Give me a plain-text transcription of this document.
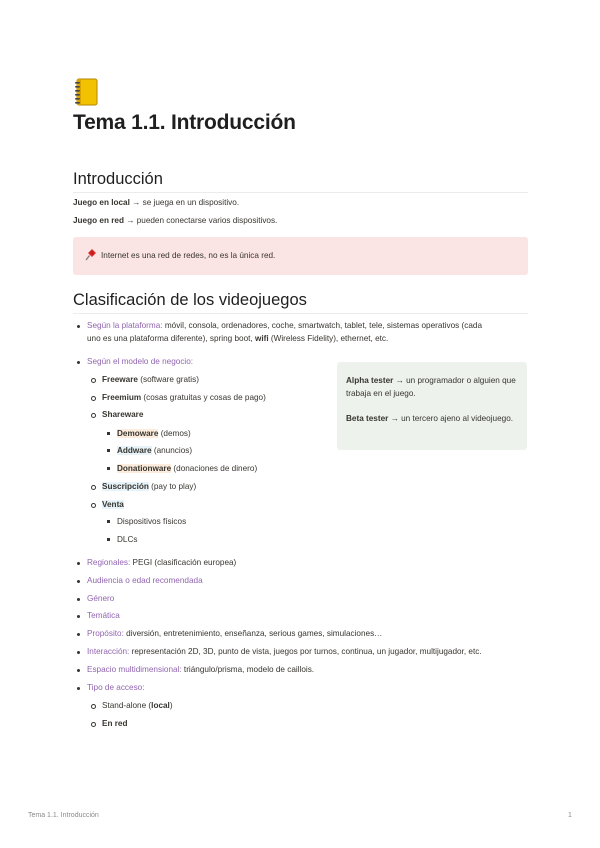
Tema 1.1. Introducción
Introducción
Juego en local → se juega en un dispositivo.
Juego en red → pueden conectarse varios dispositivos.
Internet es una red de redes, no es la única red.
Clasificación de los videojuegos
Según la plataforma: móvil, consola, ordenadores, coche, smartwatch, tablet, tele, sistemas operativos (cada
uno es una plataforma diferente), spring boot, wifi (Wireless Fidelity), ethernet, etc.
Según el modelo de negocio:
Freeware (software gratis)
Freemium (cosas gratuitas y cosas de pago)
Shareware
Demoware (demos)
Addware (anuncios)
Donationware (donaciones de dinero)
Suscripción (pay to play)
Venta
Dispositivos físicos
DLCs
Alpha tester → un programador o alguien que trabaja en el juego.
Beta tester → un tercero ajeno al videojuego.
Regionales: PEGI (clasificación europea)
Audiencia o edad recomendada
Género
Temática
Propósito: diversión, entretenimiento, enseñanza, serious games, simulaciones…
Interacción: representación 2D, 3D, punto de vista, juegos por turnos, continua, un jugador, multijugador, etc.
Espacio multidimensional: triángulo/prisma, modelo de caillois.
Tipo de acceso:
Stand-alone (local)
En red
Tema 1.1. Introducción	1
